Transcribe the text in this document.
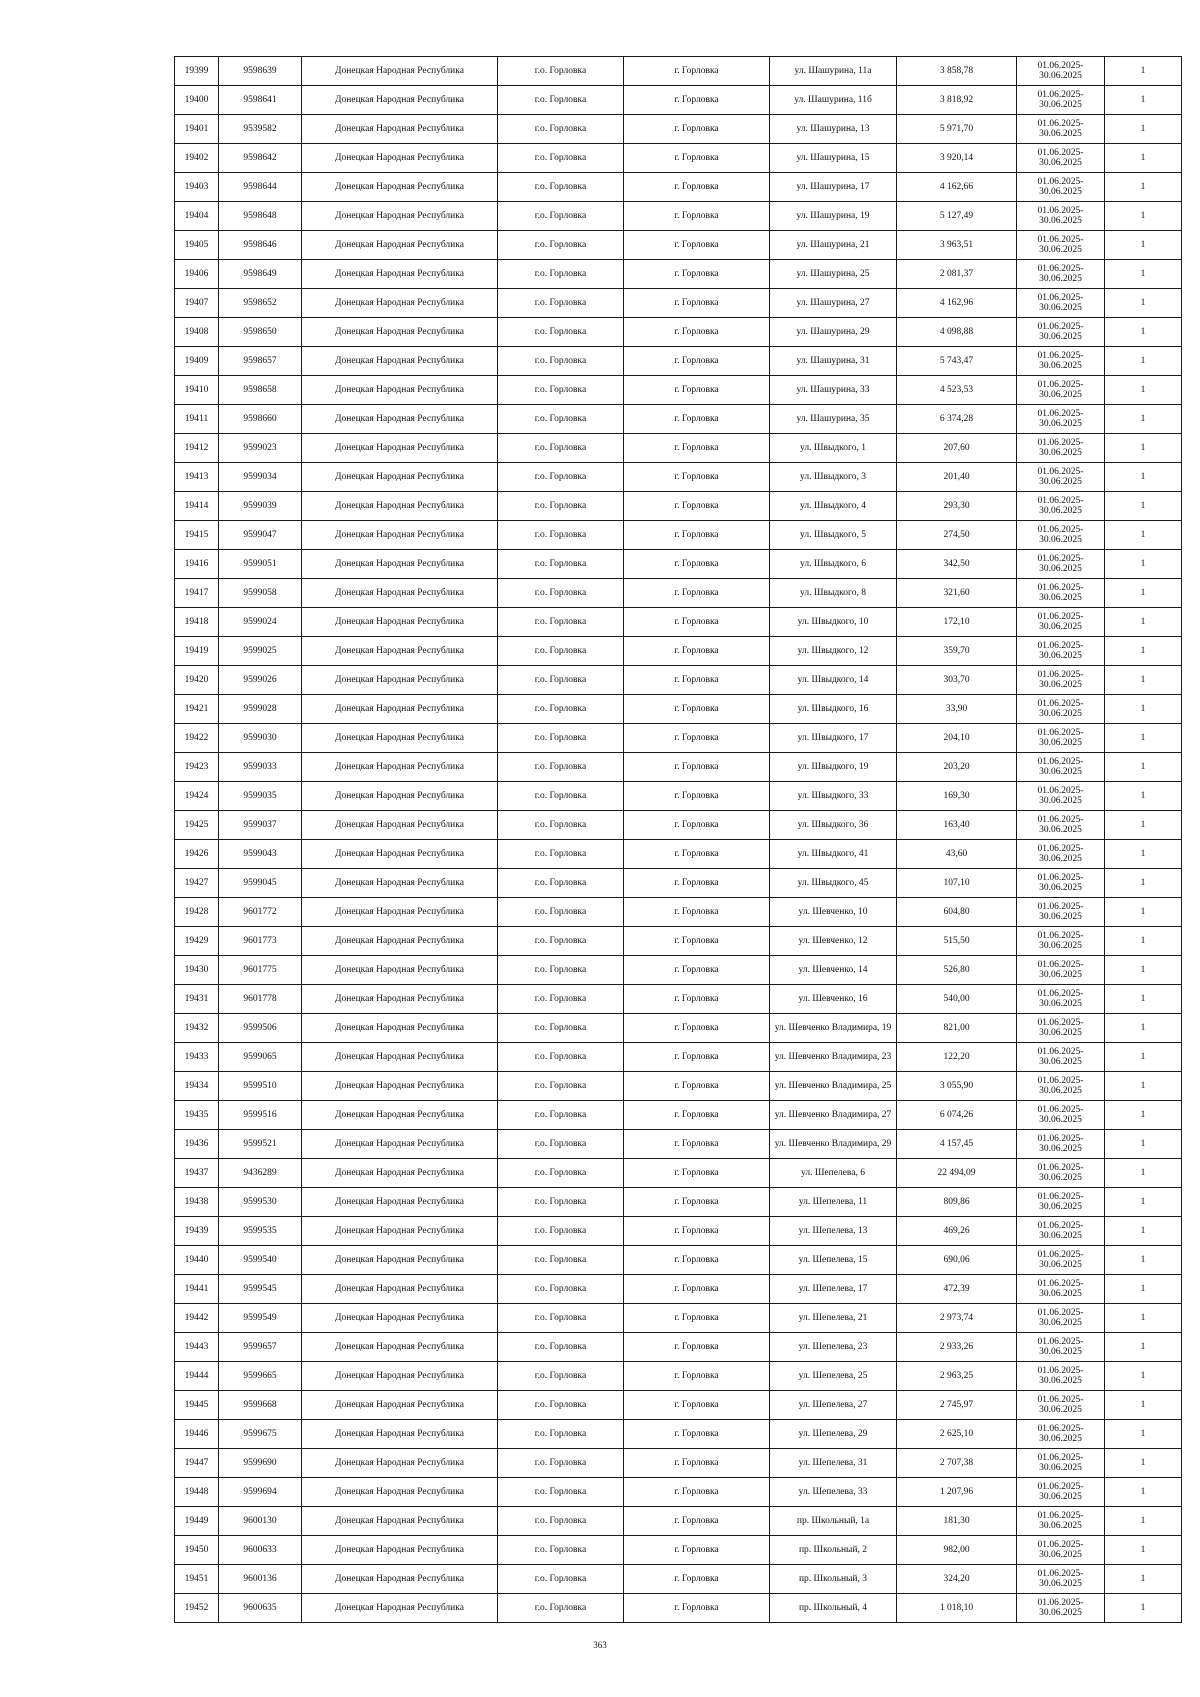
19399	9598639	Донецкая Народная Республика	г.о. Горловка	г. Горловка	ул. Шашурина, 11а	3 858,78	01.06.2025-30.06.2025	1
19400	9598641	Донецкая Народная Республика	г.о. Горловка	г. Горловка	ул. Шашурина, 11б	3 818,92	01.06.2025-30.06.2025	1
19401	9539582	Донецкая Народная Республика	г.о. Горловка	г. Горловка	ул. Шашурина, 13	5 971,70	01.06.2025-30.06.2025	1
19402	9598642	Донецкая Народная Республика	г.о. Горловка	г. Горловка	ул. Шашурина, 15	3 920,14	01.06.2025-30.06.2025	1
19403	9598644	Донецкая Народная Республика	г.о. Горловка	г. Горловка	ул. Шашурина, 17	4 162,66	01.06.2025-30.06.2025	1
19404	9598648	Донецкая Народная Республика	г.о. Горловка	г. Горловка	ул. Шашурина, 19	5 127,49	01.06.2025-30.06.2025	1
19405	9598646	Донецкая Народная Республика	г.о. Горловка	г. Горловка	ул. Шашурина, 21	3 963,51	01.06.2025-30.06.2025	1
19406	9598649	Донецкая Народная Республика	г.о. Горловка	г. Горловка	ул. Шашурина, 25	2 081,37	01.06.2025-30.06.2025	1
19407	9598652	Донецкая Народная Республика	г.о. Горловка	г. Горловка	ул. Шашурина, 27	4 162,96	01.06.2025-30.06.2025	1
19408	9598650	Донецкая Народная Республика	г.о. Горловка	г. Горловка	ул. Шашурина, 29	4 098,88	01.06.2025-30.06.2025	1
19409	9598657	Донецкая Народная Республика	г.о. Горловка	г. Горловка	ул. Шашурина, 31	5 743,47	01.06.2025-30.06.2025	1
19410	9598658	Донецкая Народная Республика	г.о. Горловка	г. Горловка	ул. Шашурина, 33	4 523,53	01.06.2025-30.06.2025	1
19411	9598660	Донецкая Народная Республика	г.о. Горловка	г. Горловка	ул. Шашурина, 35	6 374,28	01.06.2025-30.06.2025	1
19412	9599023	Донецкая Народная Республика	г.о. Горловка	г. Горловка	ул. Швыдкого, 1	207,60	01.06.2025-30.06.2025	1
19413	9599034	Донецкая Народная Республика	г.о. Горловка	г. Горловка	ул. Швыдкого, 3	201,40	01.06.2025-30.06.2025	1
19414	9599039	Донецкая Народная Республика	г.о. Горловка	г. Горловка	ул. Швыдкого, 4	293,30	01.06.2025-30.06.2025	1
19415	9599047	Донецкая Народная Республика	г.о. Горловка	г. Горловка	ул. Швыдкого, 5	274,50	01.06.2025-30.06.2025	1
19416	9599051	Донецкая Народная Республика	г.о. Горловка	г. Горловка	ул. Швыдкого, 6	342,50	01.06.2025-30.06.2025	1
19417	9599058	Донецкая Народная Республика	г.о. Горловка	г. Горловка	ул. Швыдкого, 8	321,60	01.06.2025-30.06.2025	1
19418	9599024	Донецкая Народная Республика	г.о. Горловка	г. Горловка	ул. Швыдкого, 10	172,10	01.06.2025-30.06.2025	1
19419	9599025	Донецкая Народная Республика	г.о. Горловка	г. Горловка	ул. Швыдкого, 12	359,70	01.06.2025-30.06.2025	1
19420	9599026	Донецкая Народная Республика	г.о. Горловка	г. Горловка	ул. Швыдкого, 14	303,70	01.06.2025-30.06.2025	1
19421	9599028	Донецкая Народная Республика	г.о. Горловка	г. Горловка	ул. Швыдкого, 16	33,90	01.06.2025-30.06.2025	1
19422	9599030	Донецкая Народная Республика	г.о. Горловка	г. Горловка	ул. Швыдкого, 17	204,10	01.06.2025-30.06.2025	1
19423	9599033	Донецкая Народная Республика	г.о. Горловка	г. Горловка	ул. Швыдкого, 19	203,20	01.06.2025-30.06.2025	1
19424	9599035	Донецкая Народная Республика	г.о. Горловка	г. Горловка	ул. Швыдкого, 33	169,30	01.06.2025-30.06.2025	1
19425	9599037	Донецкая Народная Республика	г.о. Горловка	г. Горловка	ул. Швыдкого, 36	163,40	01.06.2025-30.06.2025	1
19426	9599043	Донецкая Народная Республика	г.о. Горловка	г. Горловка	ул. Швыдкого, 41	43,60	01.06.2025-30.06.2025	1
19427	9599045	Донецкая Народная Республика	г.о. Горловка	г. Горловка	ул. Швыдкого, 45	107,10	01.06.2025-30.06.2025	1
19428	9601772	Донецкая Народная Республика	г.о. Горловка	г. Горловка	ул. Шевченко, 10	604,80	01.06.2025-30.06.2025	1
19429	9601773	Донецкая Народная Республика	г.о. Горловка	г. Горловка	ул. Шевченко, 12	515,50	01.06.2025-30.06.2025	1
19430	9601775	Донецкая Народная Республика	г.о. Горловка	г. Горловка	ул. Шевченко, 14	526,80	01.06.2025-30.06.2025	1
19431	9601778	Донецкая Народная Республика	г.о. Горловка	г. Горловка	ул. Шевченко, 16	540,00	01.06.2025-30.06.2025	1
19432	9599506	Донецкая Народная Республика	г.о. Горловка	г. Горловка	ул. Шевченко Владимира, 19	821,00	01.06.2025-30.06.2025	1
19433	9599065	Донецкая Народная Республика	г.о. Горловка	г. Горловка	ул. Шевченко Владимира, 23	122,20	01.06.2025-30.06.2025	1
19434	9599510	Донецкая Народная Республика	г.о. Горловка	г. Горловка	ул. Шевченко Владимира, 25	3 055,90	01.06.2025-30.06.2025	1
19435	9599516	Донецкая Народная Республика	г.о. Горловка	г. Горловка	ул. Шевченко Владимира, 27	6 074,26	01.06.2025-30.06.2025	1
19436	9599521	Донецкая Народная Республика	г.о. Горловка	г. Горловка	ул. Шевченко Владимира, 29	4 157,45	01.06.2025-30.06.2025	1
19437	9436289	Донецкая Народная Республика	г.о. Горловка	г. Горловка	ул. Шепелева, 6	22 494,09	01.06.2025-30.06.2025	1
19438	9599530	Донецкая Народная Республика	г.о. Горловка	г. Горловка	ул. Шепелева, 11	809,86	01.06.2025-30.06.2025	1
19439	9599535	Донецкая Народная Республика	г.о. Горловка	г. Горловка	ул. Шепелева, 13	469,26	01.06.2025-30.06.2025	1
19440	9599540	Донецкая Народная Республика	г.о. Горловка	г. Горловка	ул. Шепелева, 15	690,06	01.06.2025-30.06.2025	1
19441	9599545	Донецкая Народная Республика	г.о. Горловка	г. Горловка	ул. Шепелева, 17	472,39	01.06.2025-30.06.2025	1
19442	9599549	Донецкая Народная Республика	г.о. Горловка	г. Горловка	ул. Шепелева, 21	2 973,74	01.06.2025-30.06.2025	1
19443	9599657	Донецкая Народная Республика	г.о. Горловка	г. Горловка	ул. Шепелева, 23	2 933,26	01.06.2025-30.06.2025	1
19444	9599665	Донецкая Народная Республика	г.о. Горловка	г. Горловка	ул. Шепелева, 25	2 963,25	01.06.2025-30.06.2025	1
19445	9599668	Донецкая Народная Республика	г.о. Горловка	г. Горловка	ул. Шепелева, 27	2 745,97	01.06.2025-30.06.2025	1
19446	9599675	Донецкая Народная Республика	г.о. Горловка	г. Горловка	ул. Шепелева, 29	2 625,10	01.06.2025-30.06.2025	1
19447	9599690	Донецкая Народная Республика	г.о. Горловка	г. Горловка	ул. Шепелева, 31	2 707,38	01.06.2025-30.06.2025	1
19448	9599694	Донецкая Народная Республика	г.о. Горловка	г. Горловка	ул. Шепелева, 33	1 207,96	01.06.2025-30.06.2025	1
19449	9600130	Донецкая Народная Республика	г.о. Горловка	г. Горловка	пр. Школьный, 1а	181,30	01.06.2025-30.06.2025	1
19450	9600633	Донецкая Народная Республика	г.о. Горловка	г. Горловка	пр. Школьный, 2	982,00	01.06.2025-30.06.2025	1
19451	9600136	Донецкая Народная Республика	г.о. Горловка	г. Горловка	пр. Школьный, 3	324,20	01.06.2025-30.06.2025	1
19452	9600635	Донецкая Народная Республика	г.о. Горловка	г. Горловка	пр. Школьный, 4	1 018,10	01.06.2025-30.06.2025	1
363
